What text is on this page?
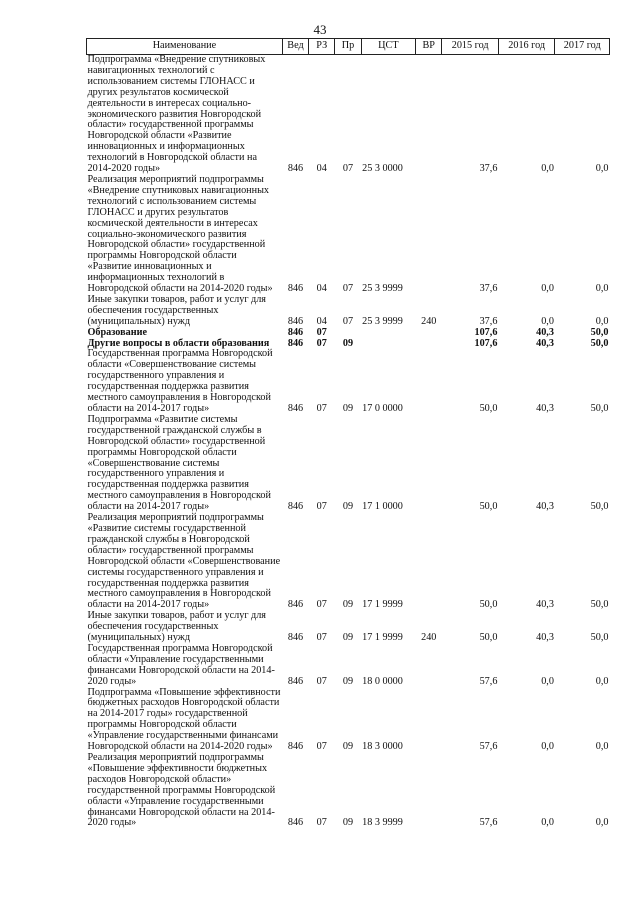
43
Наименование	Вед	РЗ	Пр	ЦСТ	ВР	2015 год	2016 год	2017 год
Подпрограмма «Внедрение спутниковых навигационных технологий с использованием системы ГЛОНАСС и других результатов космической деятельности в интересах социально-экономического развития Новгородской области» государственной программы Новгородской области «Развитие инновационных и информационных технологий в Новгородской области на 2014-2020 годы»	846	04	07	25 3 0000		37,6	0,0	0,0
Реализация мероприятий подпрограммы «Внедрение спутниковых навигационных технологий с использованием системы ГЛОНАСС и других результатов космической деятельности в интересах социально-экономического развития Новгородской области» государственной программы Новгородской области «Развитие инновационных и информационных технологий в Новгородской области на 2014-2020 годы»	846	04	07	25 3 9999		37,6	0,0	0,0
Иные закупки товаров, работ и услуг для обеспечения государственных (муниципальных) нужд	846	04	07	25 3 9999	240	37,6	0,0	0,0
Образование	846	07				107,6	40,3	50,0
Другие вопросы в области образования	846	07	09			107,6	40,3	50,0
Государственная программа Новгородской области «Совершенствование системы государственного управления и государственная поддержка развития местного самоуправления в Новгородской области на 2014-2017 годы»	846	07	09	17 0 0000		50,0	40,3	50,0
Подпрограмма «Развитие системы государственной гражданской службы в Новгородской области» государственной программы Новгородской области «Совершенствование системы государственного управления и государственная поддержка развития местного самоуправления в Новгородской области на 2014-2017 годы»	846	07	09	17 1 0000		50,0	40,3	50,0
Реализация мероприятий подпрограммы «Развитие системы государственной гражданской службы в Новгородской области» государственной программы Новгородской области «Совершенствование системы государственного управления и государственная поддержка развития местного самоуправления в Новгородской области на 2014-2017 годы»	846	07	09	17 1 9999		50,0	40,3	50,0
Иные закупки товаров, работ и услуг для обеспечения государственных (муниципальных) нужд	846	07	09	17 1 9999	240	50,0	40,3	50,0
Государственная программа Новгородской области «Управление государственными финансами Новгородской области на 2014-2020 годы»	846	07	09	18 0 0000		57,6	0,0	0,0
Подпрограмма «Повышение эффективности бюджетных расходов Новгородской области на 2014-2017 годы» государственной программы Новгородской области «Управление государственными финансами Новгородской области на 2014-2020 годы»	846	07	09	18 3 0000		57,6	0,0	0,0
Реализация мероприятий подпрограммы «Повышение эффективности бюджетных расходов Новгородской области» государственной программы Новгородской области «Управление государственными финансами Новгородской области на 2014-2020 годы»	846	07	09	18 3 9999		57,6	0,0	0,0
